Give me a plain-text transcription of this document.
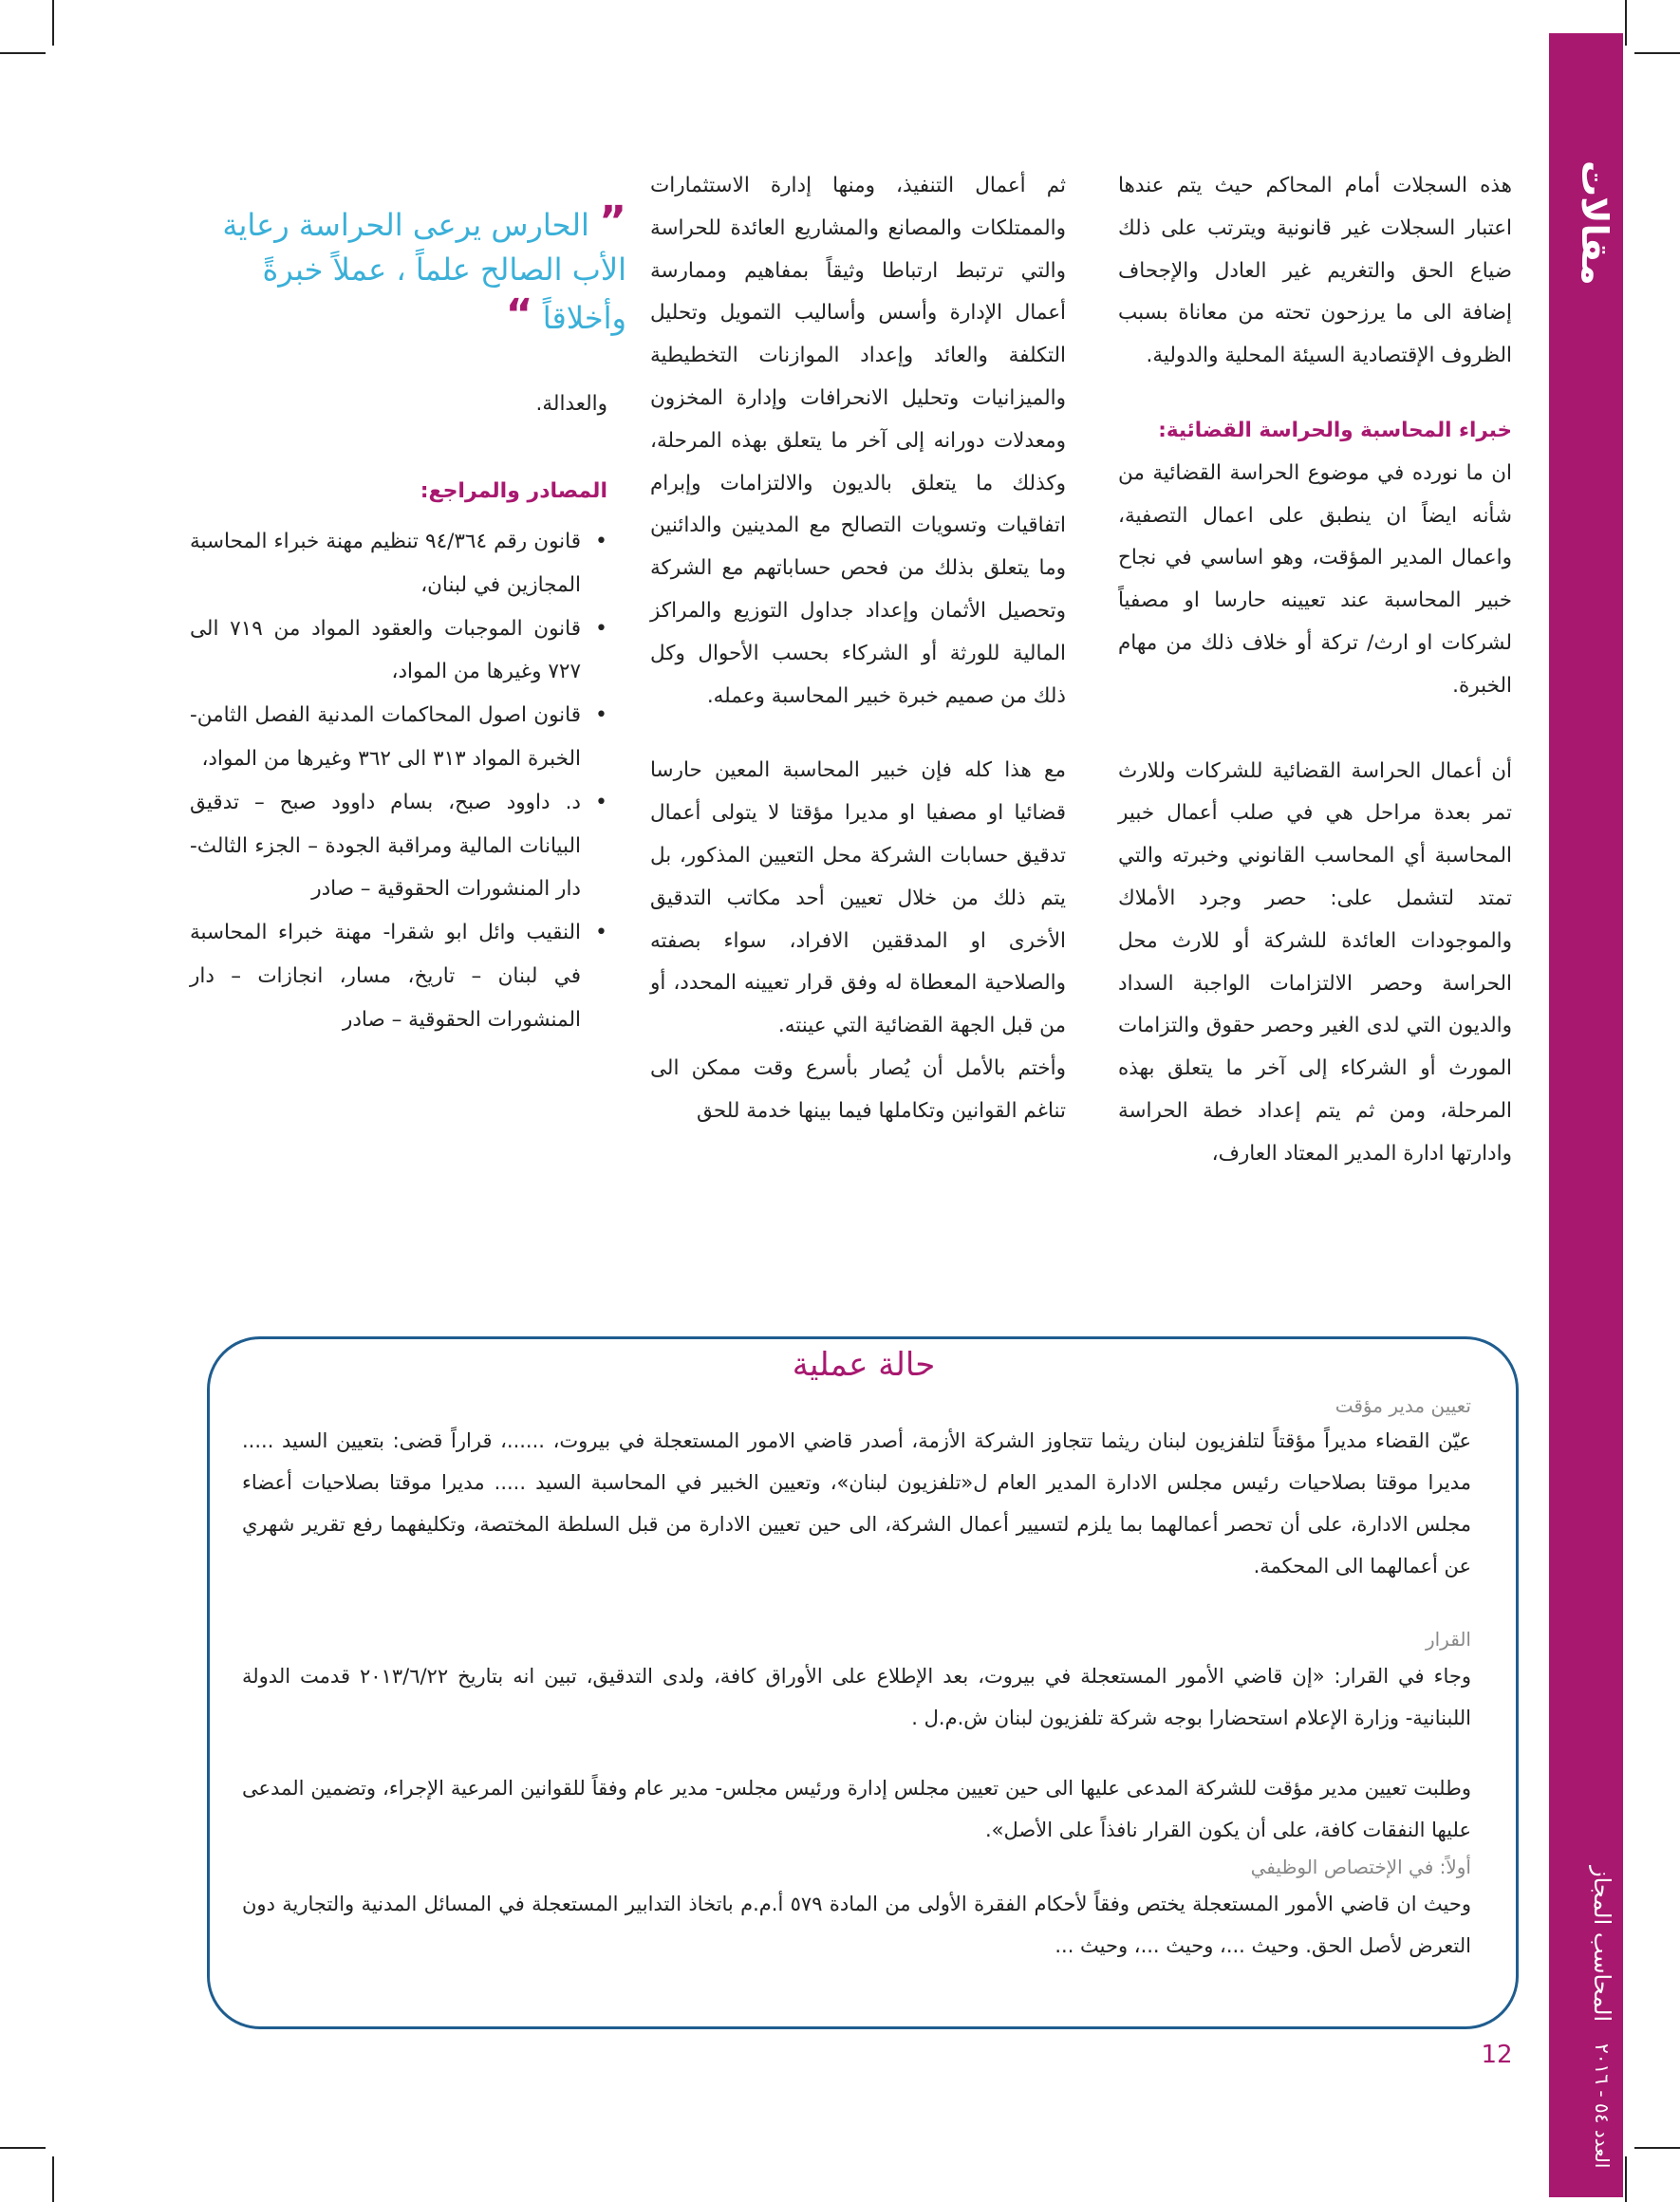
مقالات
المحاسب المجاز   العدد ٥٤ - ٢٠١٦
12

هذه السجلات أمام المحاكم حيث يتم عندها اعتبار السجلات غير قانونية ويترتب على ذلك ضياع الحق والتغريم غير العادل والإجحاف إضافة الى ما يرزحون تحته من معاناة بسبب الظروف الإقتصادية السيئة المحلية والدولية.

خبراء المحاسبة والحراسة القضائية:

ان ما نورده في موضوع الحراسة القضائية من شأنه ايضاً ان ينطبق على اعمال التصفية، واعمال المدير المؤقت، وهو اساسي في نجاح خبير المحاسبة عند تعيينه حارسا او مصفياً لشركات او ارث/ تركة أو خلاف ذلك من مهام الخبرة.

أن أعمال الحراسة القضائية للشركات وللارث تمر بعدة مراحل هي في صلب أعمال خبير المحاسبة أي المحاسب القانوني وخبرته والتي تمتد لتشمل على: حصر وجرد الأملاك والموجودات العائدة للشركة أو للارث محل الحراسة وحصر الالتزامات الواجبة السداد والديون التي لدى الغير وحصر حقوق والتزامات المورث أو الشركاء إلى آخر ما يتعلق بهذه المرحلة، ومن ثم يتم إعداد خطة الحراسة وادارتها ادارة المدير المعتاد العارف،

ثم أعمال التنفيذ، ومنها إدارة الاستثمارات والممتلكات والمصانع والمشاريع العائدة للحراسة والتي ترتبط ارتباطا وثيقاً بمفاهيم وممارسة أعمال الإدارة وأسس وأساليب التمويل وتحليل التكلفة والعائد وإعداد الموازنات التخطيطية والميزانيات وتحليل الانحرافات وإدارة المخزون ومعدلات دورانه إلى آخر ما يتعلق بهذه المرحلة، وكذلك ما يتعلق بالديون والالتزامات وإبرام اتفاقيات وتسويات التصالح مع المدينين والدائنين وما يتعلق بذلك من فحص حساباتهم مع الشركة وتحصيل الأثمان وإعداد جداول التوزيع والمراكز المالية للورثة أو الشركاء بحسب الأحوال وكل ذلك من صميم خبرة خبير المحاسبة وعمله.

مع هذا كله فإن خبير المحاسبة المعين حارسا قضائيا او مصفيا او مديرا مؤقتا لا يتولى أعمال تدقيق حسابات الشركة محل التعيين المذكور، بل يتم ذلك من خلال تعيين أحد مكاتب التدقيق الأخرى او المدققين الافراد، سواء بصفته والصلاحية المعطاة له وفق قرار تعيينه المحدد، أو من قبل الجهة القضائية التي عينته.

وأختم بالأمل أن يُصار بأسرع وقت ممكن الى تناغم القوانين وتكاملها فيما بينها خدمة للحق

” الحارس يرعى الحراسة رعاية الأب الصالح علماً ، عملاً خبرةً وأخلاقاً “
والعدالة.
المصادر والمراجع:
•
قانون رقم ٩٤/٣٦٤ تنظيم مهنة خبراء المحاسبة المجازين في لبنان،
•
قانون الموجبات والعقود المواد من ٧١٩ الى ٧٢٧ وغيرها من المواد،
•
قانون اصول المحاكمات المدنية الفصل الثامن- الخبرة المواد ٣١٣ الى ٣٦٢ وغيرها من المواد،
•
د. داوود صبح، بسام داوود صبح – تدقيق البيانات المالية ومراقبة الجودة – الجزء الثالث- دار المنشورات الحقوقية – صادر
•
النقيب وائل ابو شقرا- مهنة خبراء المحاسبة في لبنان – تاريخ، مسار، انجازات – دار المنشورات الحقوقية – صادر
حالة عملية
تعيين مدير مؤقت
عيّن القضاء مديراً مؤقتاً لتلفزيون لبنان ريثما تتجاوز الشركة الأزمة، أصدر قاضي الامور المستعجلة في بيروت، ......، قراراً قضى: بتعيين السيد ..... مديرا موقتا بصلاحيات رئيس مجلس الادارة المدير العام ل«تلفزيون لبنان»، وتعيين الخبير في المحاسبة السيد ..... مديرا موقتا بصلاحيات أعضاء مجلس الادارة، على أن تحصر أعمالهما بما يلزم لتسيير أعمال الشركة، الى حين تعيين الادارة من قبل السلطة المختصة، وتكليفهما رفع تقرير شهري عن أعمالهما الى المحكمة.
القرار
وجاء في القرار: «إن قاضي الأمور المستعجلة في بيروت، بعد الإطلاع على الأوراق كافة، ولدى التدقيق، تبين انه بتاريخ ٢٠١٣/٦/٢٢ قدمت الدولة اللبنانية- وزارة الإعلام استحضارا بوجه شركة تلفزيون لبنان ش.م.ل .
وطلبت تعيين مدير مؤقت للشركة المدعى عليها الى حين تعيين مجلس إدارة ورئيس مجلس- مدير عام وفقاً للقوانين المرعية الإجراء، وتضمين المدعى عليها النفقات كافة، على أن يكون القرار نافذاً على الأصل».
أولاً: في الإختصاص الوظيفي
وحيث ان قاضي الأمور المستعجلة يختص وفقاً لأحكام الفقرة الأولى من المادة ٥٧٩ أ.م.م باتخاذ التدابير المستعجلة في المسائل المدنية والتجارية دون التعرض لأصل الحق. وحيث ...، وحيث ...، وحيث ...
